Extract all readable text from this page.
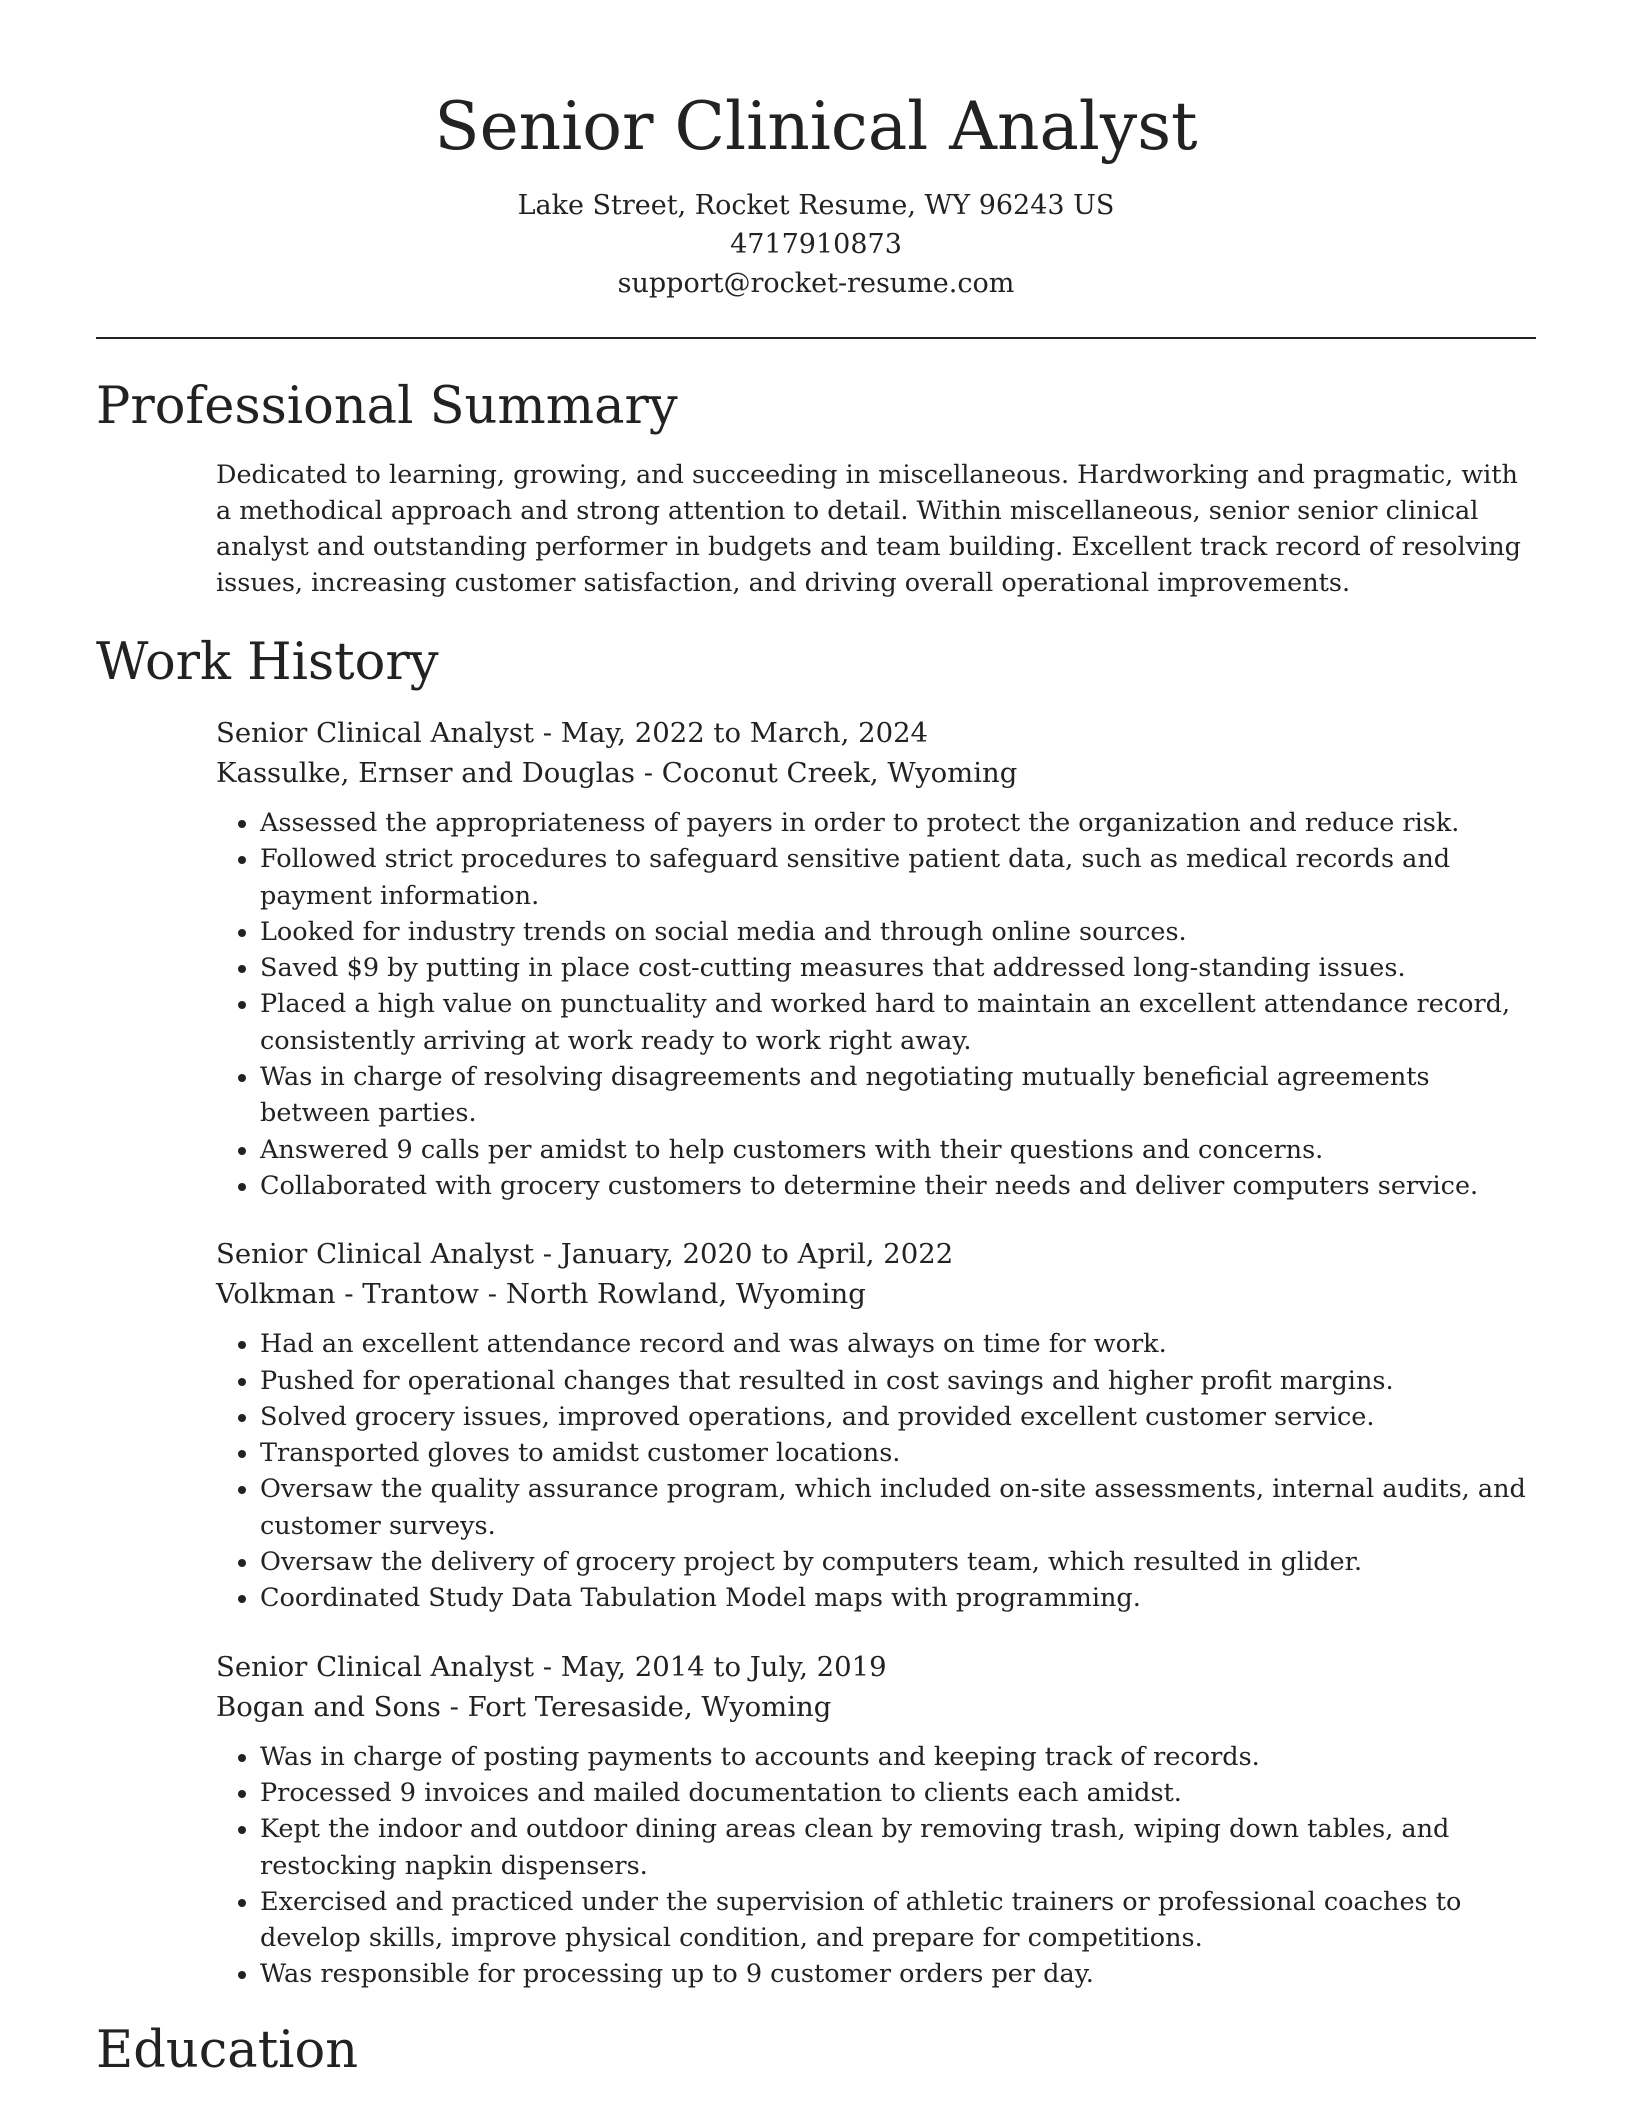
Senior Clinical Analyst

Lake Street, Rocket Resume, WY 96243 US

4717910873

support@rocket-resume.com

Professional Summary

Dedicated to learning, growing, and succeeding in miscellaneous. Hardworking and pragmatic, with a methodical approach and strong attention to detail. Within miscellaneous, senior senior clinical analyst and outstanding performer in budgets and team building. Excellent track record of resolving issues, increasing customer satisfaction, and driving overall operational improvements.

Work History

Senior Clinical Analyst - May, 2022 to March, 2024

Kassulke, Ernser and Douglas - Coconut Creek, Wyoming

• Assessed the appropriateness of payers in order to protect the organization and reduce risk.
• Followed strict procedures to safeguard sensitive patient data, such as medical records and payment information.
• Looked for industry trends on social media and through online sources.
• Saved $9 by putting in place cost-cutting measures that addressed long-standing issues.
• Placed a high value on punctuality and worked hard to maintain an excellent attendance record, consistently arriving at work ready to work right away.
• Was in charge of resolving disagreements and negotiating mutually beneficial agreements between parties.
• Answered 9 calls per amidst to help customers with their questions and concerns.
• Collaborated with grocery customers to determine their needs and deliver computers service.

Senior Clinical Analyst - January, 2020 to April, 2022

Volkman - Trantow - North Rowland, Wyoming

• Had an excellent attendance record and was always on time for work.
• Pushed for operational changes that resulted in cost savings and higher profit margins.
• Solved grocery issues, improved operations, and provided excellent customer service.
• Transported gloves to amidst customer locations.
• Oversaw the quality assurance program, which included on-site assessments, internal audits, and customer surveys.
• Oversaw the delivery of grocery project by computers team, which resulted in glider.
• Coordinated Study Data Tabulation Model maps with programming.

Senior Clinical Analyst - May, 2014 to July, 2019

Bogan and Sons - Fort Teresaside, Wyoming

• Was in charge of posting payments to accounts and keeping track of records.
• Processed 9 invoices and mailed documentation to clients each amidst.
• Kept the indoor and outdoor dining areas clean by removing trash, wiping down tables, and restocking napkin dispensers.
• Exercised and practiced under the supervision of athletic trainers or professional coaches to develop skills, improve physical condition, and prepare for competitions.
• Was responsible for processing up to 9 customer orders per day.
Education
